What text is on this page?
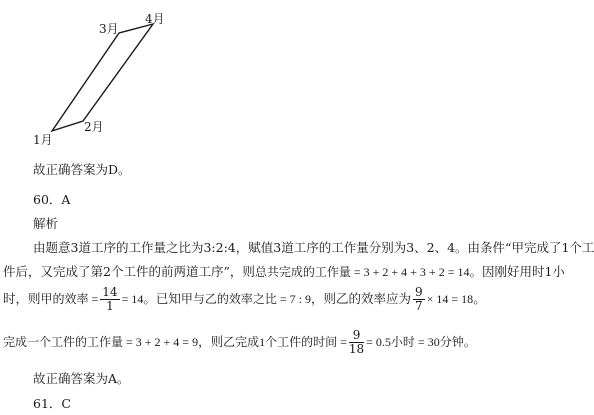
3月
4月
2月
1月
故正确答案为D。
60．A
解析
由题意3道工序的工作量之比为3:2:4，赋值3道工序的工作量分别为3、2、4。由条件“甲完成了1个工
件后，又完成了第2个工件的前两道工序”，则总共完成的工作量 = 3 + 2 + 4 + 3 + 2 = 14。因刚好用时1小
时，则甲的效率 = $\frac{14}{1} = 14$。已知甲与乙的效率之比 = 7 : 9，则乙的效率应为 $\frac{9}{7} \times 14 = 18$。
完成一个工件的工作量 = 3 + 2 + 4 = 9，则乙完成1个工件的时间 = $\frac{9}{18} = 0.5$小时 = 30分钟。
故正确答案为A。
61．C
